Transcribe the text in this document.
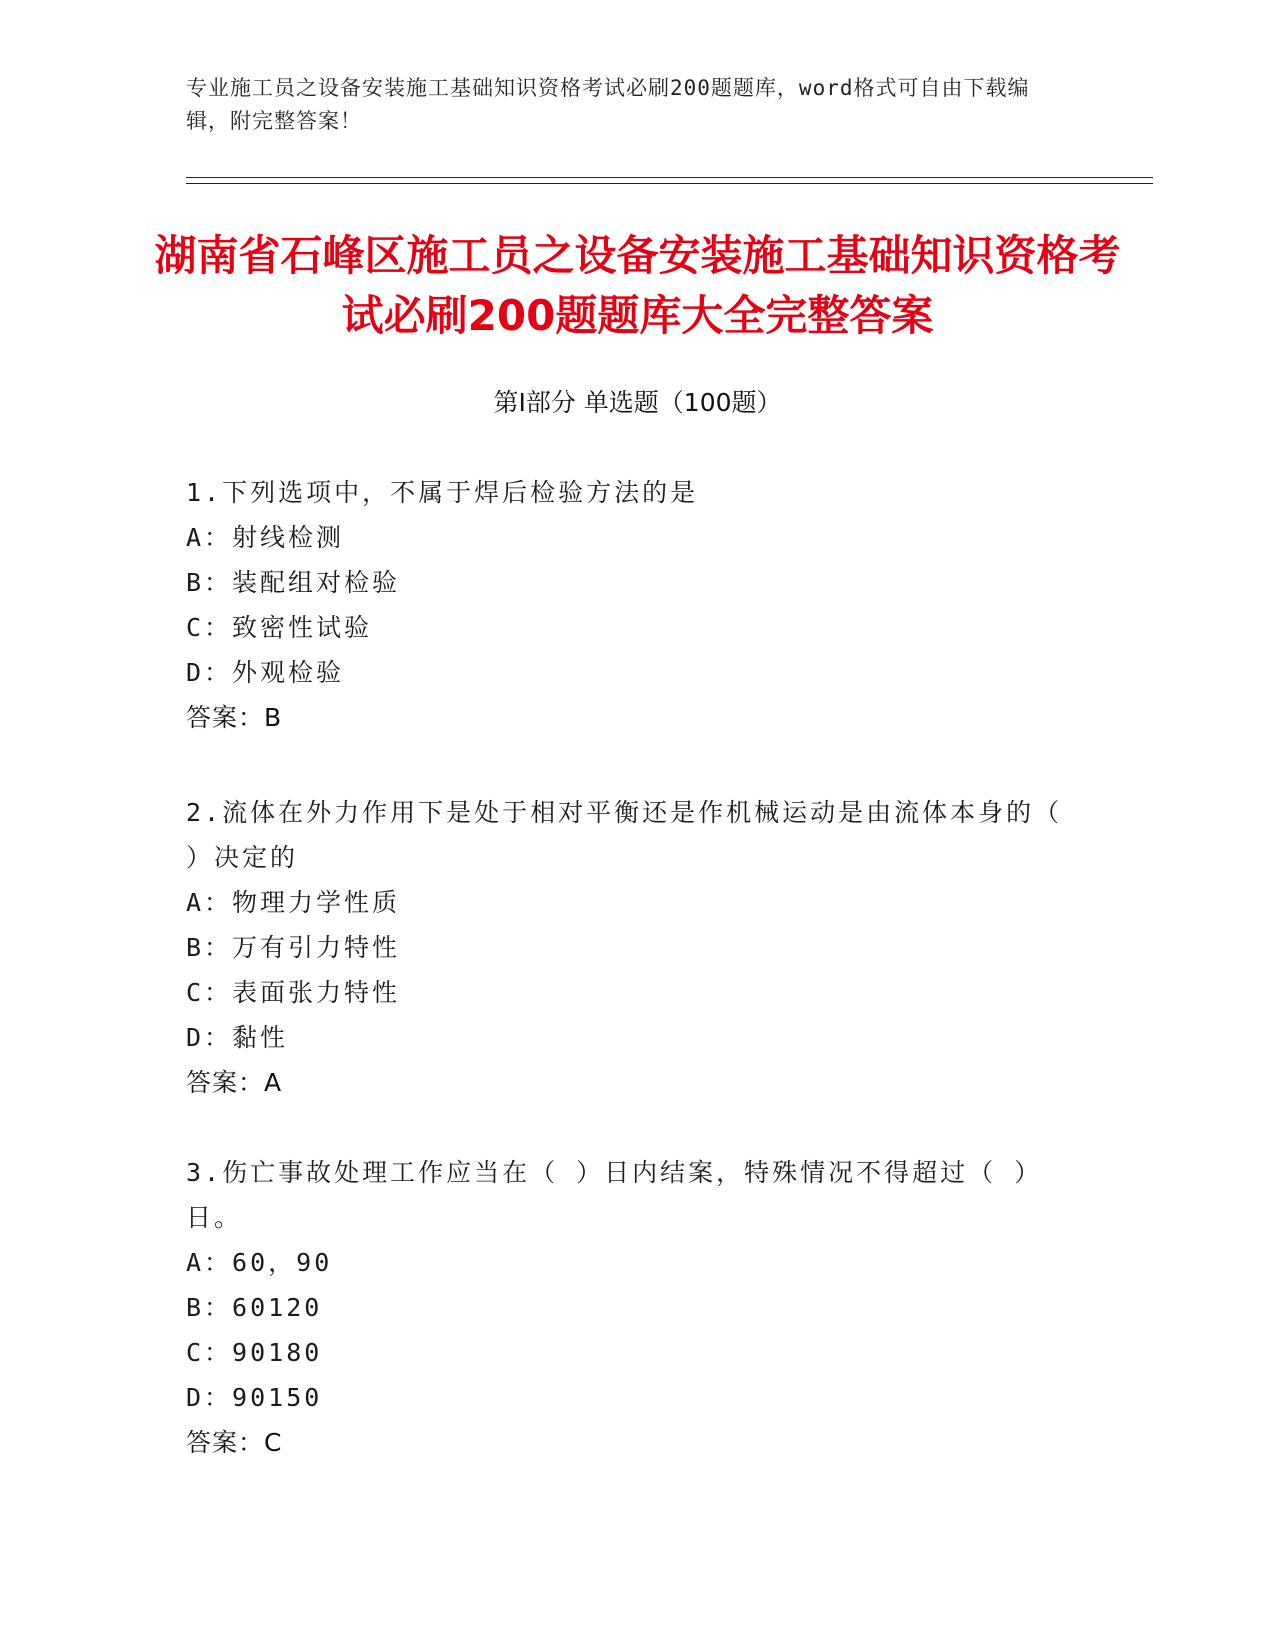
专业施工员之设备安装施工基础知识资格考试必刷200题题库，word格式可自由下载编辑，附完整答案！
湖南省石峰区施工员之设备安装施工基础知识资格考试必刷200题题库大全完整答案
第Ⅰ部分 单选题（100题）

1.下列选项中，不属于焊后检验方法的是

A：射线检测

B：装配组对检验

C：致密性试验

D：外观检验

答案：B

2.流体在外力作用下是处于相对平衡还是作机械运动是由流体本身的（ ）决定的

A：物理力学性质

B：万有引力特性

C：表面张力特性

D：黏性

答案：A

3.伤亡事故处理工作应当在（ ）日内结案，特殊情况不得超过（ ）日。

A：60，90

B：60120

C：90180

D：90150

答案：C
